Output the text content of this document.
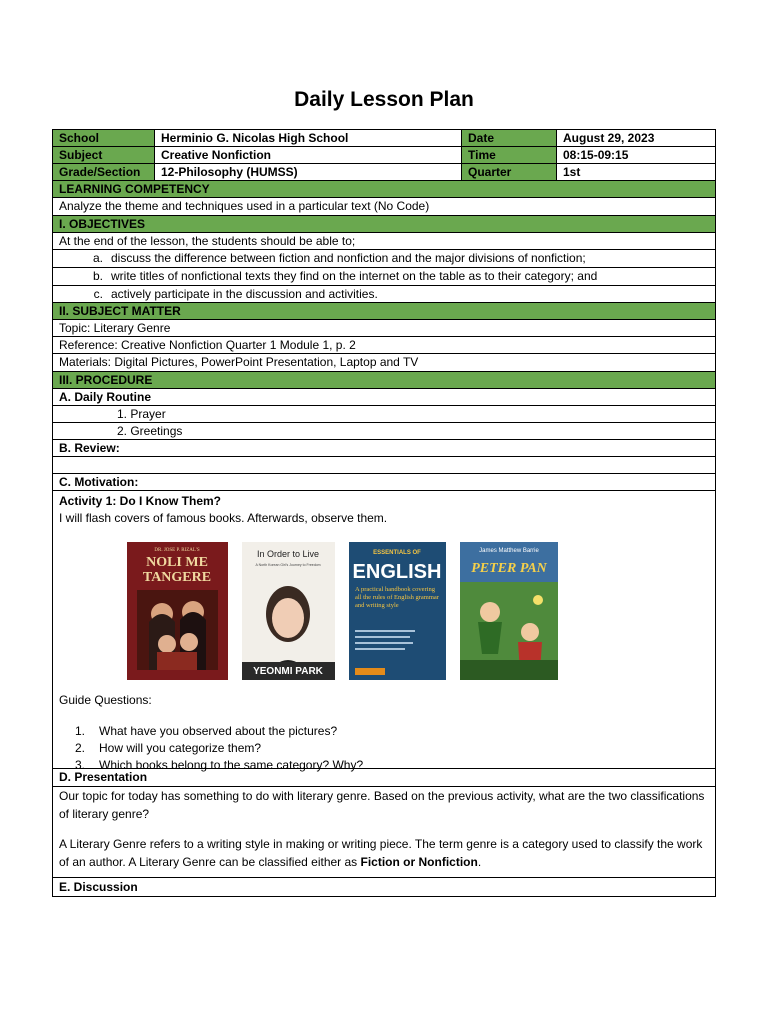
Daily Lesson Plan
School	Herminio G. Nicolas High School	Date	August 29, 2023
Subject	Creative Nonfiction	Time	08:15-09:15
Grade/Section	12-Philosophy (HUMSS)	Quarter	1st
LEARNING COMPETENCY
Analyze the theme and techniques used in a particular text (No Code)
I. OBJECTIVES
At the end of the lesson, the students should be able to;
a. discuss the difference between fiction and nonfiction and the major divisions of nonfiction;
b. write titles of nonfictional texts they find on the internet on the table as to their category; and
c. actively participate in the discussion and activities.
II. SUBJECT MATTER
Topic: Literary Genre
Reference: Creative Nonfiction Quarter 1 Module 1, p. 2
Materials: Digital Pictures, PowerPoint Presentation, Laptop and TV
III. PROCEDURE
A. Daily Routine
1. Prayer
2. Greetings
B. Review:
C. Motivation:
Activity 1: Do I Know Them?
I will flash covers of famous books. Afterwards, observe them.
DR. JOSE P. RIZAL'S
NOLI ME
TANGERE
In Order to Live
A North Korean Girl's Journey to Freedom
YEONMI PARK
ESSENTIALS OF
ENGLISH
A practical handbook covering all the rules of English grammar and writing style
James Matthew Barrie
PETER PAN
Guide Questions:
1.	What have you observed about the pictures?
2.	How will you categorize them?
3.	Which books belong to the same category? Why?
D. Presentation
Our topic for today has something to do with literary genre. Based on the previous activity, what are the two classifications of literary genre?
A Literary Genre refers to a writing style in making or writing piece. The term genre is a category used to classify the work of an author. A Literary Genre can be classified either as Fiction or Nonfiction.
E. Discussion
